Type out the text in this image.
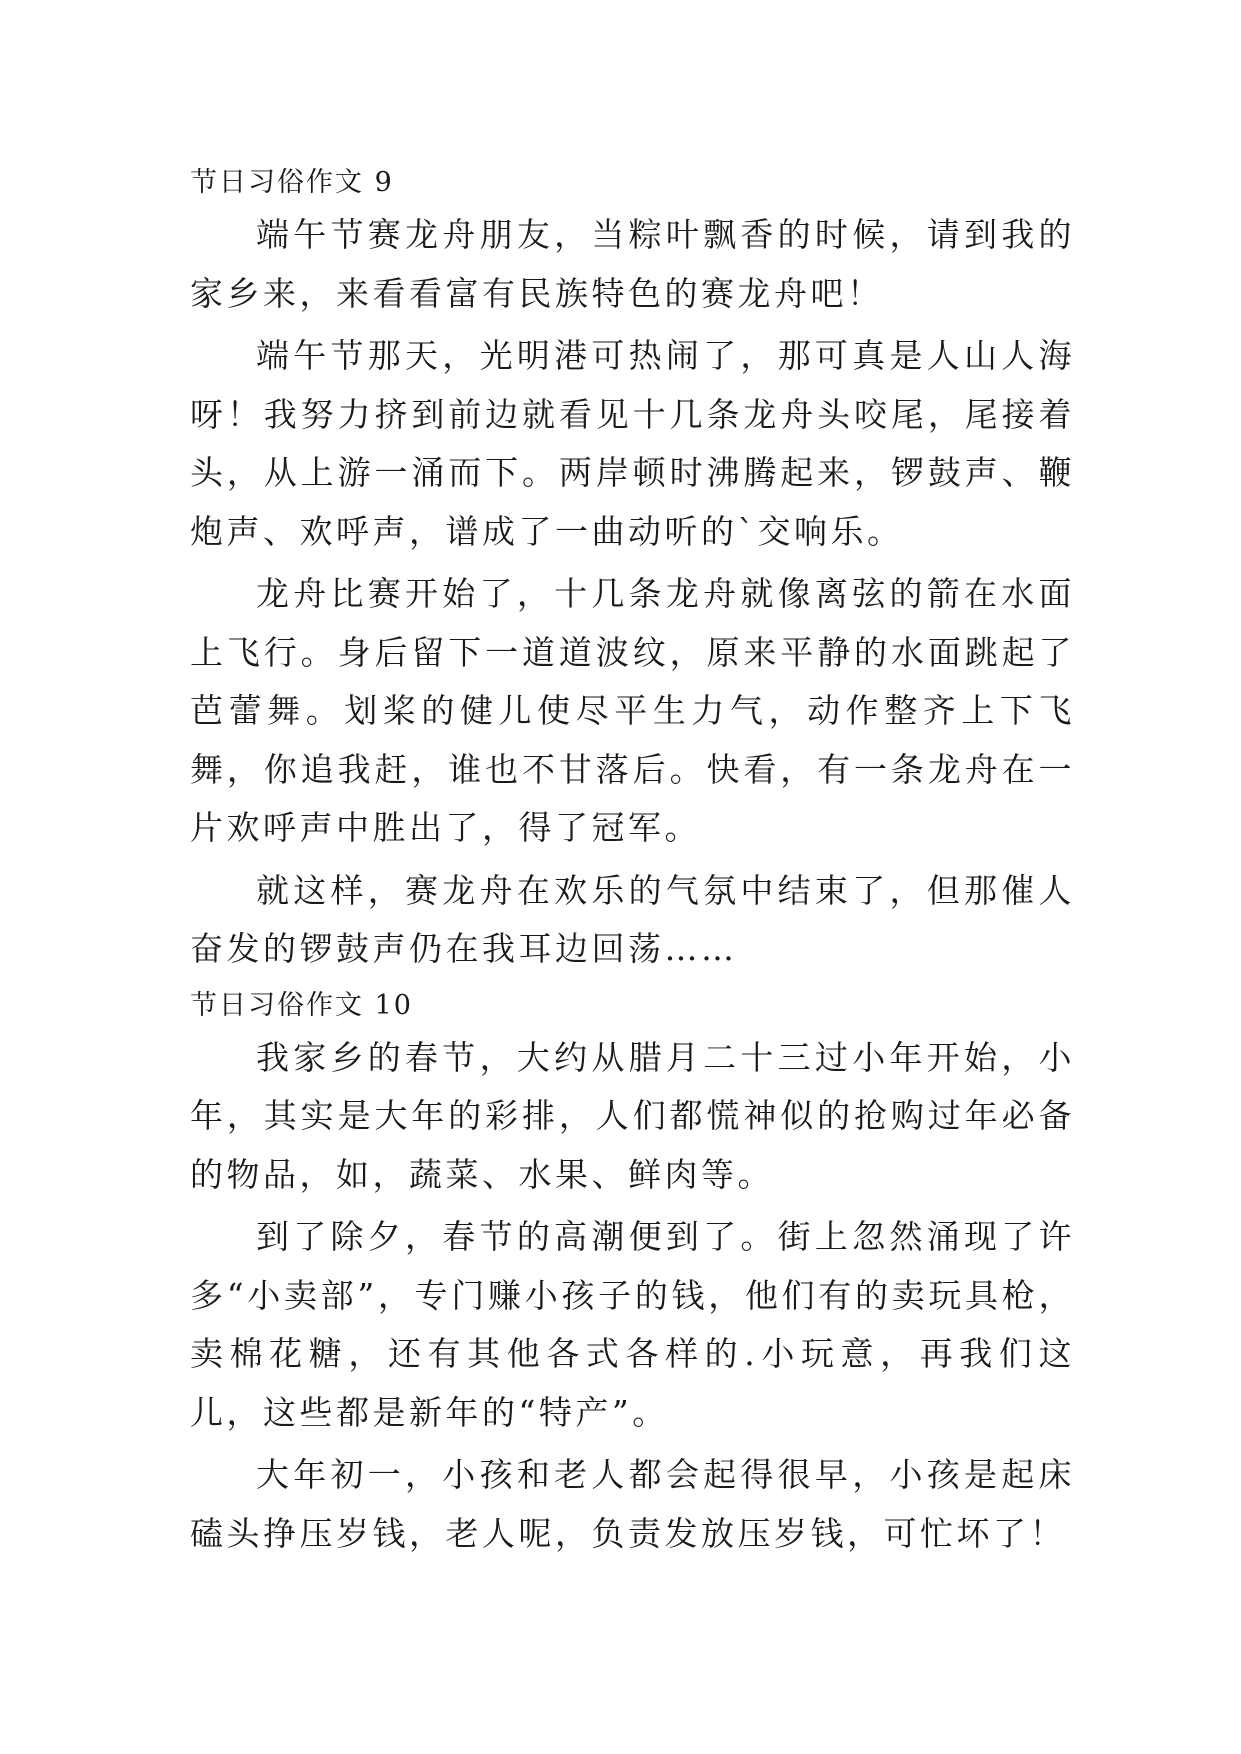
节日习俗作文 9

端午节赛龙舟朋友，当粽叶飘香的时候，请到我的家乡来，来看看富有民族特色的赛龙舟吧！

端午节那天，光明港可热闹了，那可真是人山人海呀！我努力挤到前边就看见十几条龙舟头咬尾，尾接着头，从上游一涌而下。两岸顿时沸腾起来，锣鼓声、鞭炮声、欢呼声，谱成了一曲动听的`交响乐。

龙舟比赛开始了，十几条龙舟就像离弦的箭在水面上飞行。身后留下一道道波纹，原来平静的水面跳起了芭蕾舞。划桨的健儿使尽平生力气，动作整齐上下飞舞，你追我赶，谁也不甘落后。快看，有一条龙舟在一片欢呼声中胜出了，得了冠军。

就这样，赛龙舟在欢乐的气氛中结束了，但那催人奋发的锣鼓声仍在我耳边回荡……

节日习俗作文 10

我家乡的春节，大约从腊月二十三过小年开始，小年，其实是大年的彩排，人们都慌神似的抢购过年必备的物品，如，蔬菜、水果、鲜肉等。

到了除夕，春节的高潮便到了。街上忽然涌现了许多“小卖部”，专门赚小孩子的钱，他们有的卖玩具枪，卖棉花糖，还有其他各式各样的.小玩意，再我们这儿，这些都是新年的“特产”。

大年初一，小孩和老人都会起得很早，小孩是起床磕头挣压岁钱，老人呢，负责发放压岁钱，可忙坏了！
